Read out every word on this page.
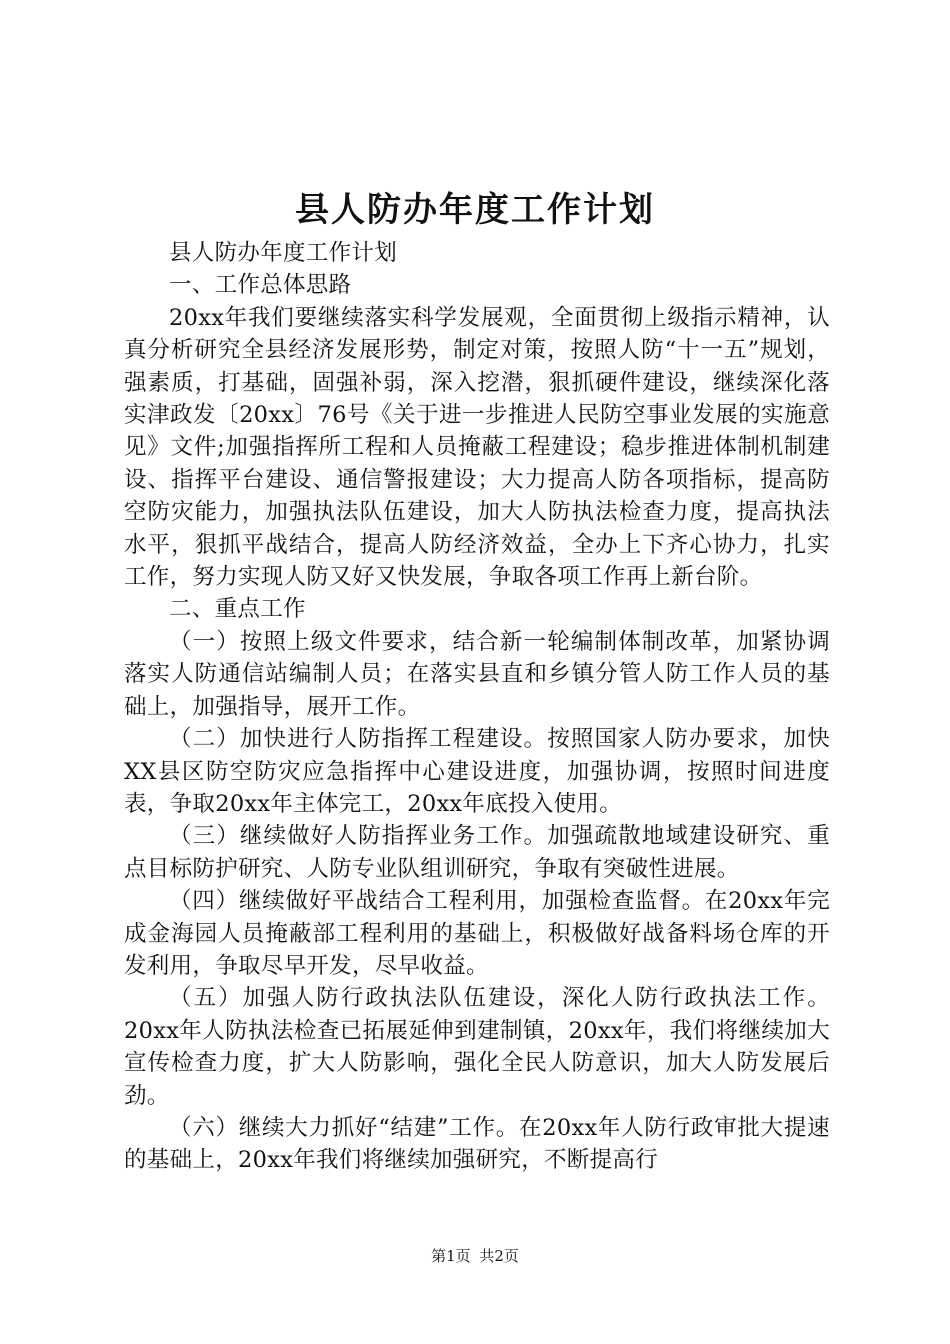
县人防办年度工作计划

县人防办年度工作计划

一、工作总体思路

20xx年我们要继续落实科学发展观，全面贯彻上级指示精神，认真分析研究全县经济发展形势，制定对策，按照人防“十一五”规划，强素质，打基础，固强补弱，深入挖潜，狠抓硬件建设，继续深化落实津政发〔20xx〕76号《关于进一步推进人民防空事业发展的实施意见》文件;加强指挥所工程和人员掩蔽工程建设；稳步推进体制机制建设、指挥平台建设、通信警报建设；大力提高人防各项指标，提高防空防灾能力，加强执法队伍建设，加大人防执法检查力度，提高执法水平，狠抓平战结合，提高人防经济效益，全办上下齐心协力，扎实工作，努力实现人防又好又快发展，争取各项工作再上新台阶。

二、重点工作

（一）按照上级文件要求，结合新一轮编制体制改革，加紧协调落实人防通信站编制人员；在落实县直和乡镇分管人防工作人员的基础上，加强指导，展开工作。

（二）加快进行人防指挥工程建设。按照国家人防办要求，加快XX县区防空防灾应急指挥中心建设进度，加强协调，按照时间进度表，争取20xx年主体完工，20xx年底投入使用。

（三）继续做好人防指挥业务工作。加强疏散地域建设研究、重点目标防护研究、人防专业队组训研究，争取有突破性进展。

（四）继续做好平战结合工程利用，加强检查监督。在20xx年完成金海园人员掩蔽部工程利用的基础上，积极做好战备料场仓库的开发利用，争取尽早开发，尽早收益。

（五）加强人防行政执法队伍建设，深化人防行政执法工作。20xx年人防执法检查已拓展延伸到建制镇，20xx年，我们将继续加大宣传检查力度，扩大人防影响，强化全民人防意识，加大人防发展后劲。

（六）继续大力抓好“结建”工作。在20xx年人防行政审批大提速的基础上，20xx年我们将继续加强研究，不断提高行

第1页 共2页
